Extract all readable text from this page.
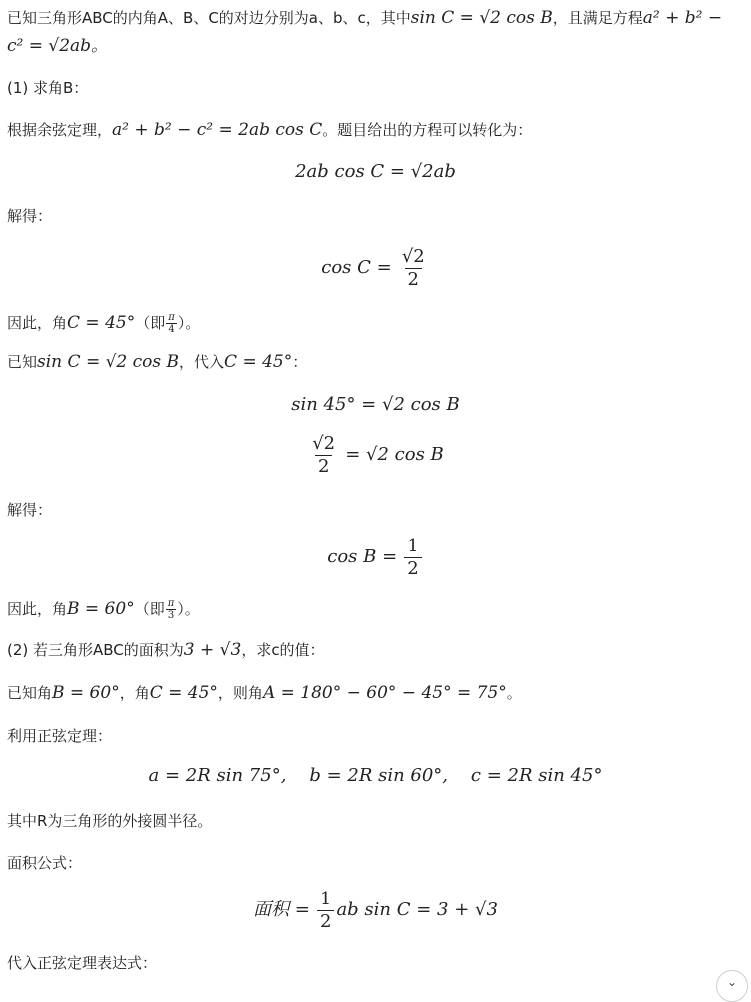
已知三角形ABC的内角A、B、C的对边分别为a、b、c，其中sin C = √2 cos B，且满足方程a² + b² −
c² = √2ab。
(1) 求角B：
根据余弦定理，a² + b² − c² = 2ab cos C。题目给出的方程可以转化为：
2ab cos C = √2ab
解得：
$\cos C = \frac{√2}{2}$
因此，角C = 45°（即 $\frac{\pi}{4}$ ）。
已知sin C = √2 cos B，代入C = 45°：
sin 45° = √2 cos B
$\frac{√2}{2} = √2$ cos B
解得：
$\cos B = \frac{1}{2}$
因此，角B = 60°（即 $\frac{\pi}{3}$ ）。
(2) 若三角形ABC的面积为3 + √3，求c的值：
已知角B = 60°，角C = 45°，则角A = 180° − 60° − 45° = 75°。
利用正弦定理：
a = 2R sin 75°,    b = 2R sin 60°,    c = 2R sin 45°
其中R为三角形的外接圆半径。
面积公式：
面积 = $\frac{1}{2}$ ab sin C = 3 + √3
代入正弦定理表达式：
⌄
